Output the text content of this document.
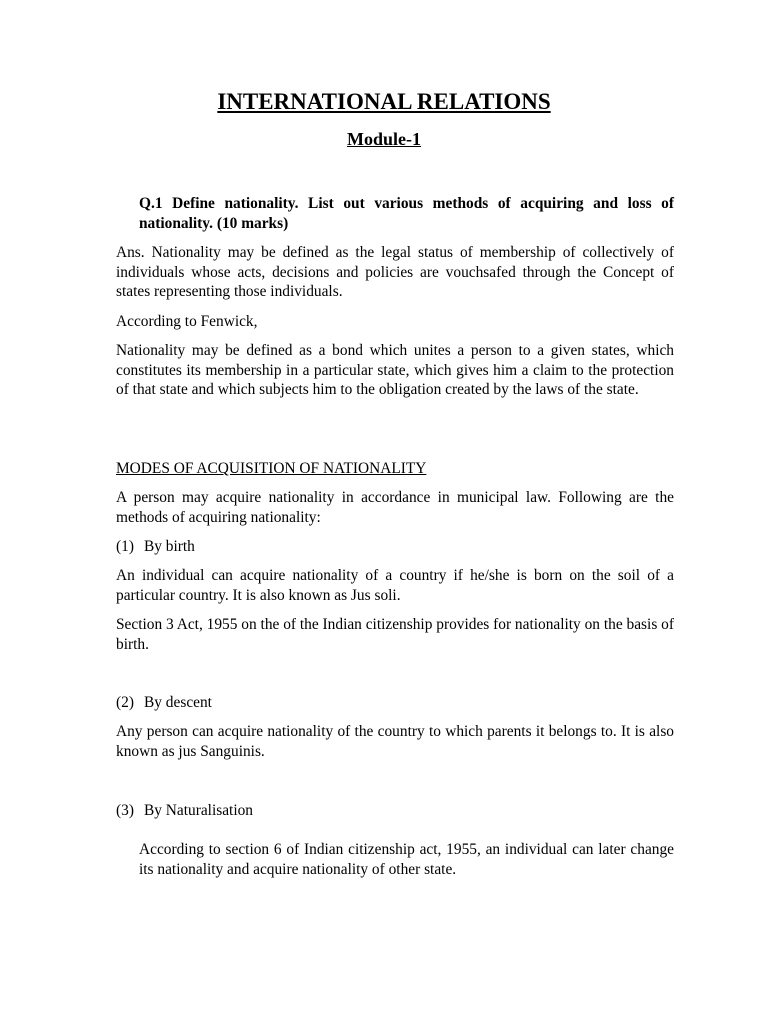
INTERNATIONAL RELATIONS
Module-1

Q.1 Define nationality. List out various methods of acquiring and loss of nationality. (10 marks)

Ans. Nationality may be defined as the legal status of membership of collectively of individuals whose acts, decisions and policies are vouchsafed through the Concept of states representing those individuals.

According to Fenwick,

Nationality may be defined as a bond which unites a person to a given states, which constitutes its membership in a particular state, which gives him a claim to the protection of that state and which subjects him to the obligation created by the laws of the state.

MODES OF ACQUISITION OF NATIONALITY

A person may acquire nationality in accordance in municipal law. Following are the methods of acquiring nationality:

(1) By birth

An individual can acquire nationality of a country if he/she is born on the soil of a particular country. It is also known as Jus soli.

Section 3 Act, 1955 on the of the Indian citizenship provides for nationality on the basis of birth.

(2) By descent

Any person can acquire nationality of the country to which parents it belongs to. It is also known as jus Sanguinis.

(3) By Naturalisation

According to section 6 of Indian citizenship act, 1955, an individual can later change its nationality and acquire nationality of other state.
